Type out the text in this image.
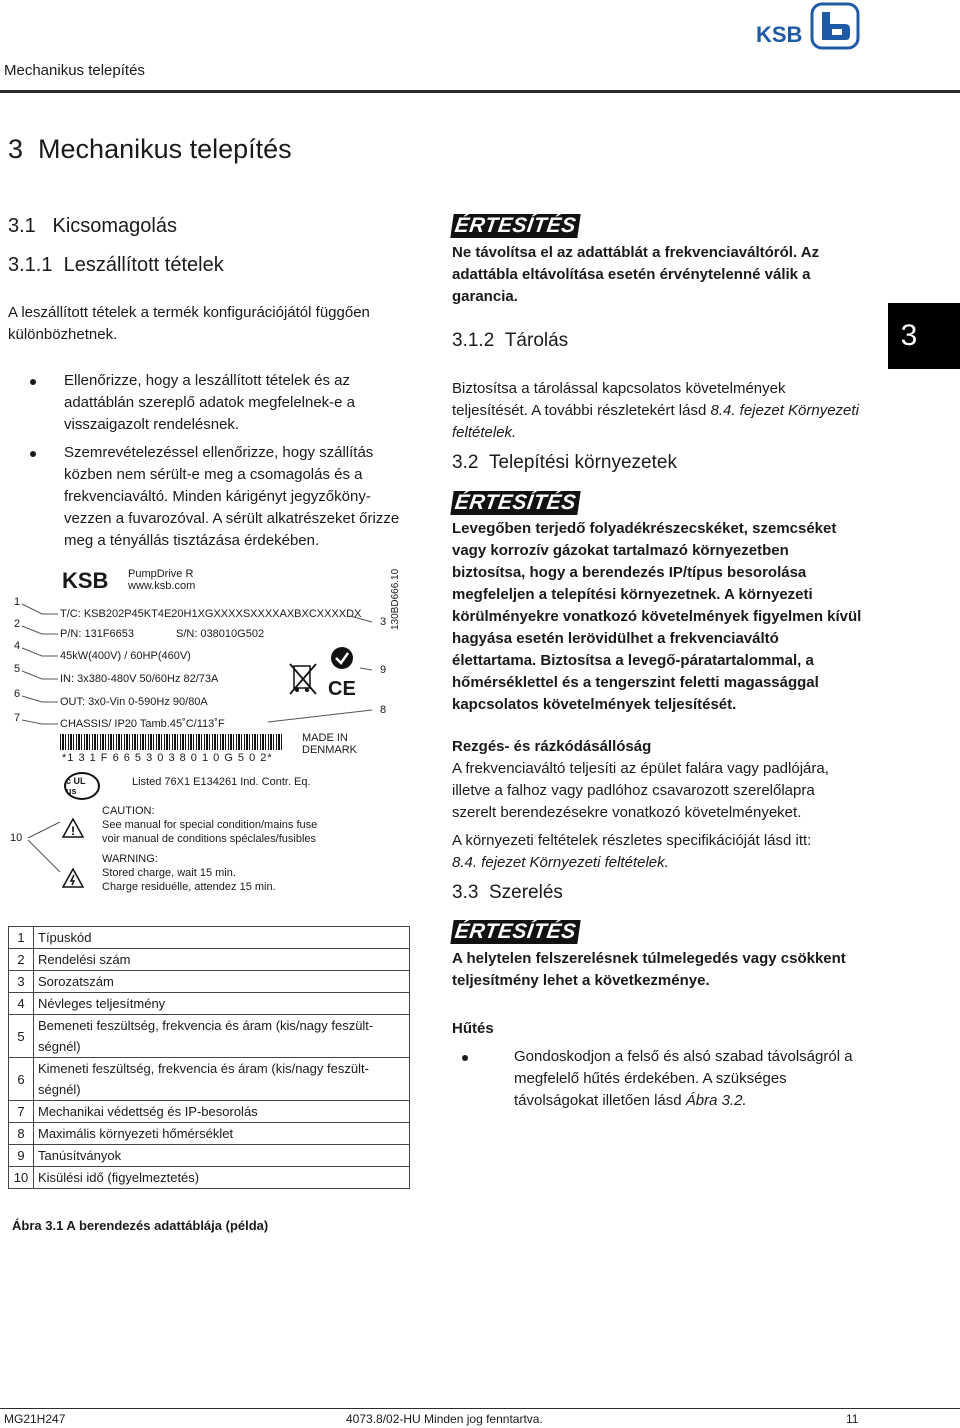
Mechanikus telepítés
KSB
3
3 Mechanikus telepítés
3.1 Kicsomagolás
3.1.1 Leszállított tételek
A leszállított tételek a termék konfigurációjától függően
különbözhetnek.
Ellenőrizze, hogy a leszállított tételek és az
adattáblán szereplő adatok megfelelnek-e a
visszaigazolt rendelésnek.
Szemrevételezéssel ellenőrizze, hogy szállítás
közben nem sérült-e meg a csomagolás és a
frekvenciaváltó. Minden kárigényt jegyzőköny-
vezzen a fuvarozóval. A sérült alkatrészeket őrizze
meg a tényállás tisztázása érdekében.
KSB PumpDrive R
www.ksb.com
T/C: KSB202P45KT4E20H1XGXXXXSXXXXAXBXCXXXXDX
P/N: 131F6653	S/N: 038010G502
45kW(400V) / 60HP(460V)
IN: 3x380-480V 50/60Hz 82/73A
OUT: 3x0-Vin 0-590Hz 90/80A
CHASSIS/ IP20 Tamb.45˚C/113˚F
*1 3 1 F 6 6 5 3 0 3 8 0 1 0 G 5 0 2*
MADE IN
DENMARK
CE
c UL us
Listed 76X1 E134261 Ind. Contr. Eq.
!
CAUTION:
See manual for special condition/mains fuse
voir manual de conditions spéclales/fusibles
WARNING:
Stored charge, wait 15 min.
Charge residuélle, attendez 15 min.
130BD666.10
1
2
4
5
6
7
10
3
9
8
1	Típuskód
2	Rendelési szám
3	Sorozatszám
4	Névleges teljesítmény
5	Bemeneti feszültség, frekvencia és áram (kis/nagy feszült-
ségnél)

6	Kimeneti feszültség, frekvencia és áram (kis/nagy feszült-
ségnél)

7	Mechanikai védettség és IP-besorolás
8	Maximális környezeti hőmérséklet
9	Tanúsítványok
10	Kisülési idő (figyelmeztetés)
Ábra 3.1 A berendezés adattáblája (példa)
ÉRTESÍTÉS
Ne távolítsa el az adattáblát a frekvenciaváltóról. Az
adattábla eltávolítása esetén érvénytelenné válik a
garancia.
3.1.2 Tárolás
Biztosítsa a tárolással kapcsolatos követelmények
teljesítését. A további részletekért lásd 8.4. fejezet Környezeti
feltételek.
3.2 Telepítési környezetek
ÉRTESÍTÉS
Levegőben terjedő folyadékrészecskéket, szemcséket
vagy korrozív gázokat tartalmazó környezetben
biztosítsa, hogy a berendezés IP/típus besorolása
megfeleljen a telepítési környezetnek. A környezeti
körülményekre vonatkozó követelmények figyelmen kívül
hagyása esetén lerövidülhet a frekvenciaváltó
élettartama. Biztosítsa a levegő-páratartalommal, a
hőmérséklettel és a tengerszint feletti magassággal
kapcsolatos követelmények teljesítését.
Rezgés- és rázkódásállóság
A frekvenciaváltó teljesíti az épület falára vagy padlójára,
illetve a falhoz vagy padlóhoz csavarozott szerelőlapra
szerelt berendezésekre vonatkozó követelményeket.
A környezeti feltételek részletes specifikációját lásd itt:
8.4. fejezet Környezeti feltételek.
3.3 Szerelés
ÉRTESÍTÉS
A helytelen felszerelésnek túlmelegedés vagy csökkent
teljesítmény lehet a következménye.
Hűtés
Gondoskodjon a felső és alsó szabad távolságról a
megfelelő hűtés érdekében. A szükséges
távolságokat illetően lásd Ábra 3.2.
MG21H247	4073.8/02-HU Minden jog fenntartva.	11
